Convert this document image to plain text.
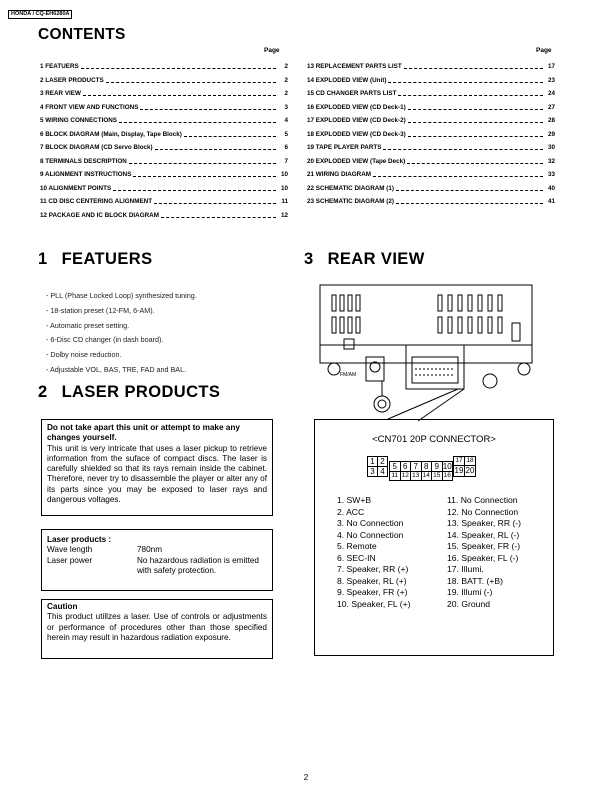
HONDA / CQ-EH6280A
CONTENTS
Page	Page
1 FEATUERS	2
2 LASER PRODUCTS	2
3 REAR VIEW	2
4 FRONT VIEW AND FUNCTIONS	3
5 WIRING CONNECTIONS	4
6 BLOCK DIAGRAM (Main, Display, Tape Block)	5
7 BLOCK DIAGRAM (CD Servo Block)	6
8 TERMINALS DESCRIPTION	7
9 ALIGNMENT INSTRUCTIONS	10
10 ALIGNMENT POINTS	10
11 CD DISC CENTERING ALIGNMENT	11
12 PACKAGE AND IC BLOCK DIAGRAM	12
13 REPLACEMENT PARTS LIST	17
14 EXPLODED VIEW (Unit)	23
15 CD CHANGER PARTS LIST	24
16 EXPLODED VIEW (CD Deck-1)	27
17 EXPLODED VIEW (CD Deck-2)	28
18 EXPLODED VIEW (CD Deck-3)	29
19 TAPE PLAYER PARTS	30
20 EXPLODED VIEW (Tape Deck)	32
21 WIRING DIAGRAM	33
22 SCHEMATIC DIAGRAM (1)	40
23 SCHEMATIC DIAGRAM (2)	41
1 FEATUERS
- PLL (Phase Locked Loop) synthesized tuning.
- 18-station preset (12-FM, 6-AM).
- Automatic preset setting.
- 6-Disc CD changer (in dash board).
- Dolby noise reduction.
- Adjustable VOL, BAS, TRE, FAD and BAL.
2 LASER PRODUCTS
Do not take apart this unit or attempt to make any changes yourself.
This unit is very intricate that uses a laser pickup to retrieve information from the suface of compact discs. The laser is carefully shielded so that its rays remain inside the cabinet. Therefore, never try to disassemble the player or alter any of its parts since you may be exposed to laser rays and dangerous voltages.
Laser products :
Wave length	780nm
Laser power	No hazardous radiation is emitted with safety protection.
Caution
This product utillzes a laser. Use of controls or adjustments or performance of procedures other than those specified herein may result in hazardous radiation exposure.
3 REAR VIEW
FM/AM
<CN701 20P CONNECTOR>
1 2
3 4
5 6 7 8 9 10
11 12 13 14 15 16
17 18
19 20
1. SW+B
2. ACC
3. No Connection
4. No Connection
5. Remote
6. SEC-IN
7. Speaker, RR (+)
8. Speaker, RL (+)
9. Speaker, FR (+)
10. Speaker, FL (+)
11. No Connection
12. No Connection
13. Speaker, RR (-)
14. Speaker, RL (-)
15. Speaker, FR (-)
16. Speaker, FL (-)
17. Illumi.
18. BATT. (+B)
19. Illumi (-)
20. Ground
2
